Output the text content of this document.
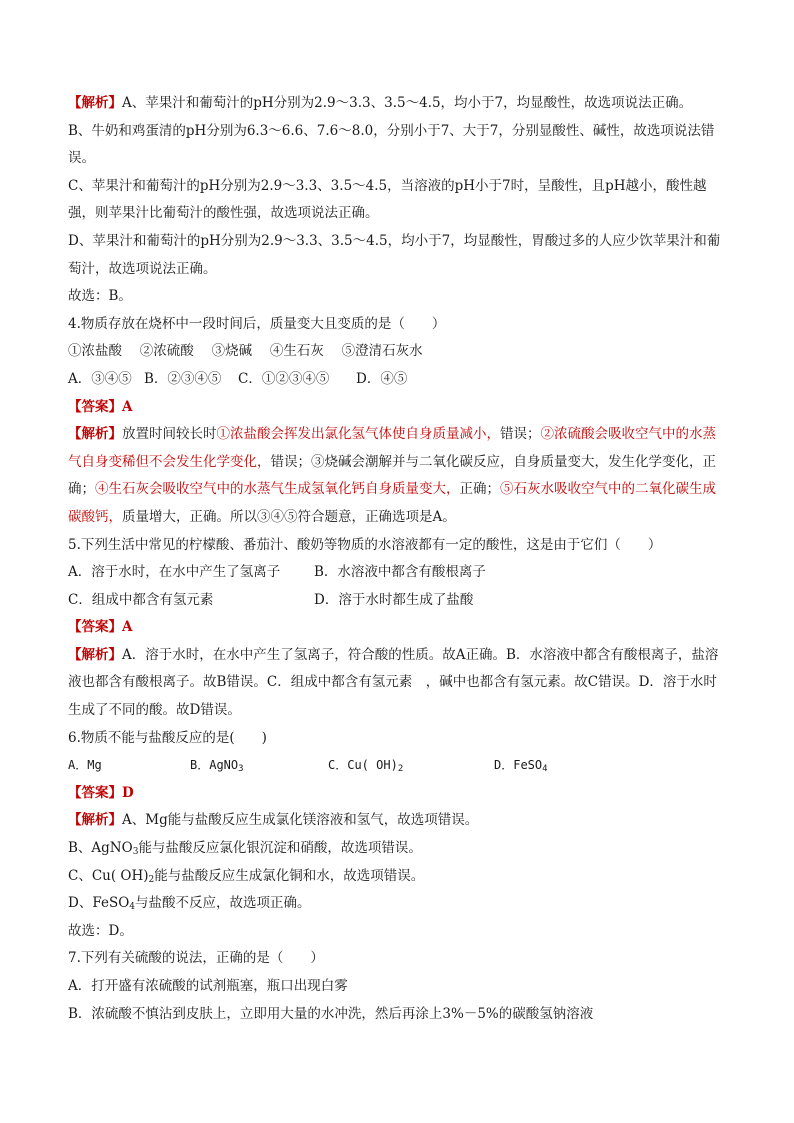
【解析】A、苹果汁和葡萄汁的pH分别为2.9～3.3、3.5～4.5，均小于7，均显酸性，故选项说法正确。

B、牛奶和鸡蛋清的pH分别为6.3～6.6、7.6～8.0，分别小于7、大于7，分别显酸性、碱性，故选项说法错误。

C、苹果汁和葡萄汁的pH分别为2.9～3.3、3.5～4.5，当溶液的pH小于7时，呈酸性，且pH越小，酸性越强，则苹果汁比葡萄汁的酸性强，故选项说法正确。

D、苹果汁和葡萄汁的pH分别为2.9～3.3、3.5～4.5，均小于7，均显酸性，胃酸过多的人应少饮苹果汁和葡萄汁，故选项说法正确。

故选：B。

4.物质存放在烧杯中一段时间后，质量变大且变质的是（　　）

①浓盐酸　 ②浓硫酸　 ③烧碱　 ④生石灰　 ⑤澄清石灰水

A．③④⑤ B．②③④⑤	C．①②③④⑤	D．④⑤

【答案】A

【解析】放置时间较长时①浓盐酸会挥发出氯化氢气体使自身质量减小，错误；②浓硫酸会吸收空气中的水蒸气自身变稀但不会发生化学变化，错误；③烧碱会潮解并与二氧化碳反应，自身质量变大，发生化学变化，正确；④生石灰会吸收空气中的水蒸气生成氢氧化钙自身质量变大，正确；⑤石灰水吸收空气中的二氧化碳生成碳酸钙，质量增大，正确。所以③④⑤符合题意，正确选项是A。

5.下列生活中常见的柠檬酸、番茄汁、酸奶等物质的水溶液都有一定的酸性，这是由于它们（　　）

A．溶于水时，在水中产生了氢离子	B．水溶液中都含有酸根离子

C．组成中都含有氢元素	D．溶于水时都生成了盐酸

【答案】A

【解析】A．溶于水时，在水中产生了氢离子，符合酸的性质。故A正确。B．水溶液中都含有酸根离子，盐溶液也都含有酸根离子。故B错误。C．组成中都含有氢元素　，碱中也都含有氢元素。故C错误。D．溶于水时生成了不同的酸。故D错误。

6.物质不能与盐酸反应的是(　　)

A．Mg	B．AgNO$_3$	C．Cu( $OH)_2$	D．FeSO$_4$

【答案】D

【解析】A、Mg能与盐酸反应生成氯化镁溶液和氢气，故选项错误。

B、AgNO$_3$能与盐酸反应氯化银沉淀和硝酸，故选项错误。

C、Cu( $OH)_2$能与盐酸反应生成氯化铜和水，故选项错误。

D、FeSO$_4$与盐酸不反应，故选项正确。

故选：D。

7.下列有关硫酸的说法，正确的是（　　）

A．打开盛有浓硫酸的试剂瓶塞，瓶口出现白雾

B．浓硫酸不慎沾到皮肤上，立即用大量的水冲洗，然后再涂上3%－5%的碳酸氢钠溶液
